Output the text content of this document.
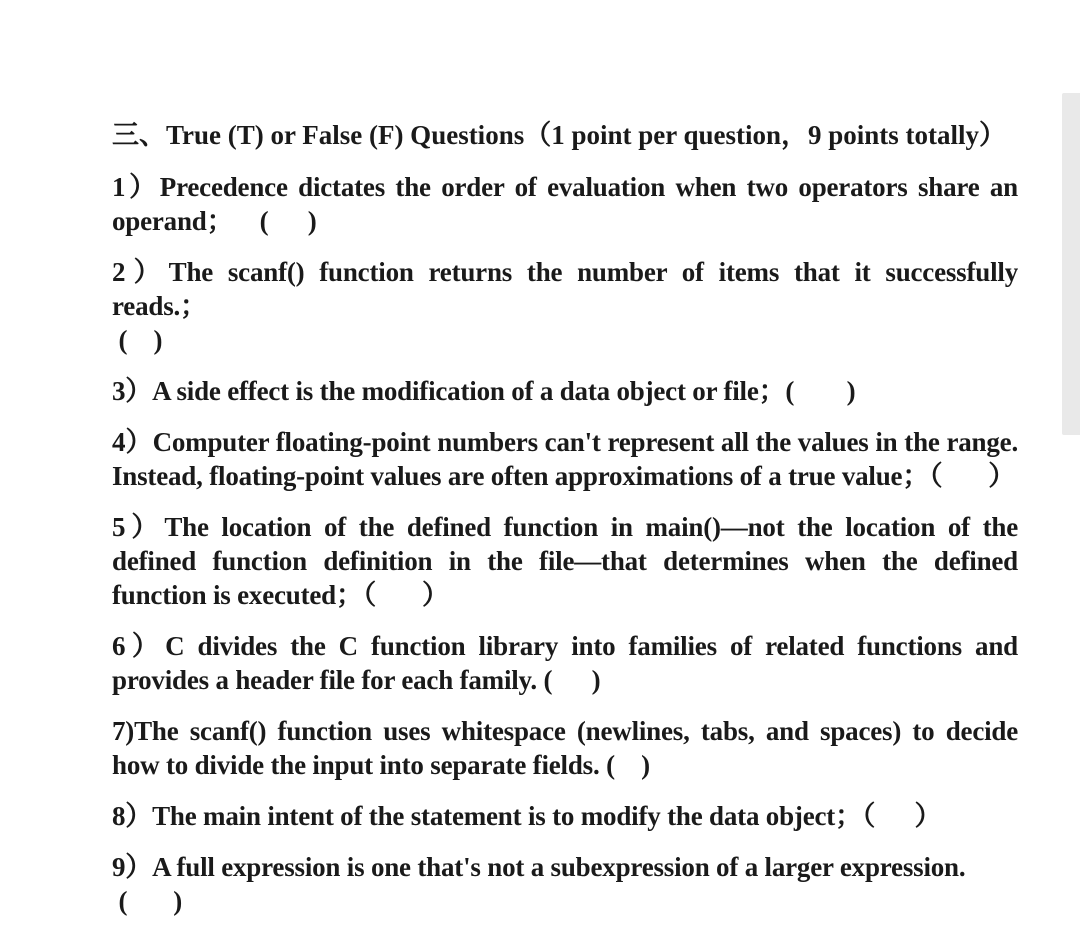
三、True (T) or False (F) Questions（1 point per question，9 points totally）
1）Precedence dictates the order of evaluation when two operators share an operand；    (      )
2）The scanf() function returns the number of items that it successfully reads.；
(    )
3）A side effect is the modification of a data object or file；(        )
4）Computer floating-point numbers can't represent all the values in the range. Instead, floating-point values are often approximations of a true value；（       ）
5）The location of the defined function in main()—not the location of the defined function definition in the file—that determines when the defined function is executed；（       ）
6）C divides the C function library into families of related functions and provides a header file for each family. (      )
7)The scanf() function uses whitespace (newlines, tabs, and spaces) to decide how to divide the input into separate fields. (    )
8）The main intent of the statement is to modify the data object；（      ）
9）A full expression is one that's not a subexpression of a larger expression.
(       )
